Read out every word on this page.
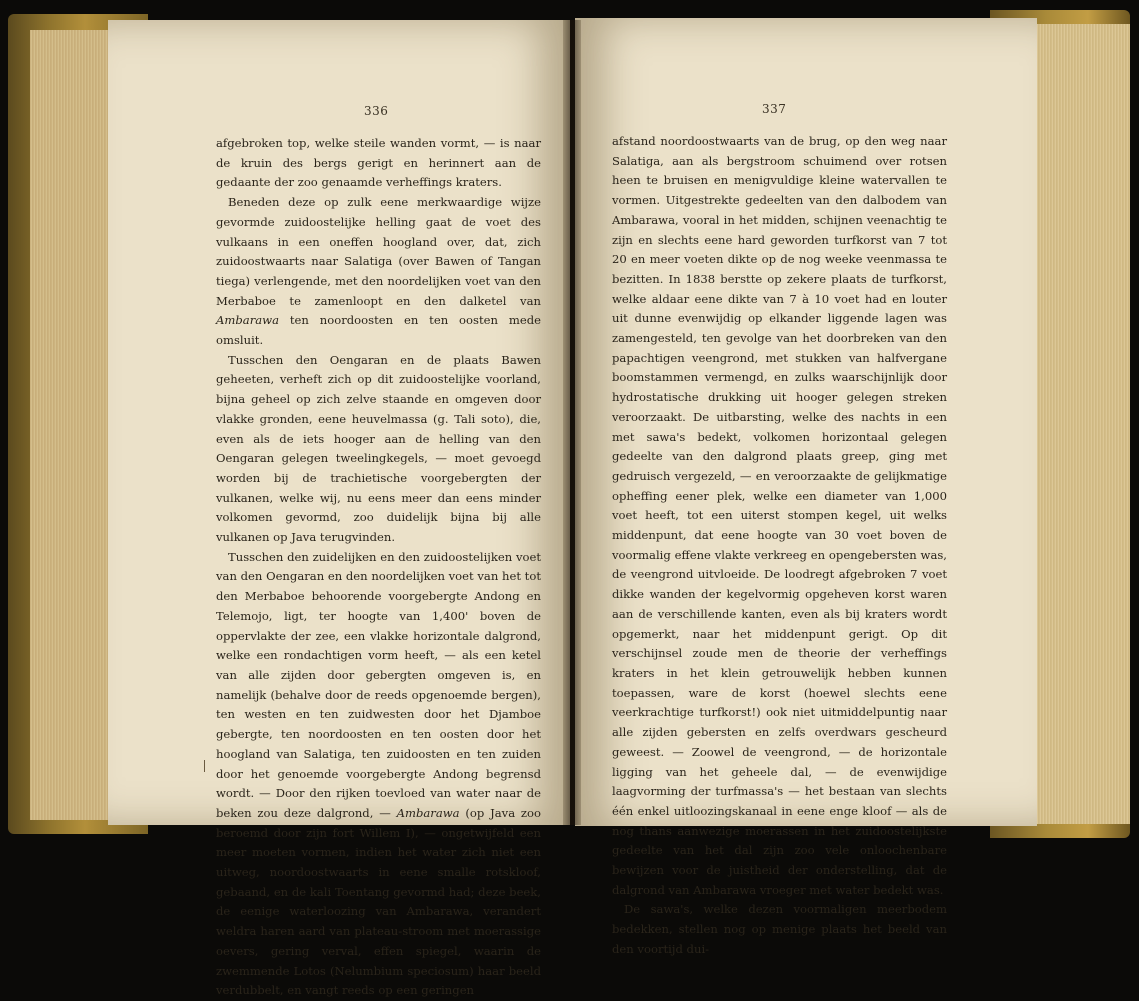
336

afgebroken top, welke steile wanden vormt, — is naar de kruin des bergs gerigt en herinnert aan de gedaante der zoo genaamde verheffings kraters.

Beneden deze op zulk eene merkwaardige wijze gevormde zuidoostelijke helling gaat de voet des vulkaans in een oneffen hoogland over, dat, zich zuidoostwaarts naar Salatiga (over Bawen of Tangan tiega) verlengende, met den noordelijken voet van den Merbaboe te zamenloopt en den dalketel van Ambarawa ten noordoosten en ten oosten mede omsluit.

Tusschen den Oengaran en de plaats Bawen geheeten, verheft zich op dit zuidoostelijke voorland, bijna geheel op zich zelve staande en omgeven door vlakke gronden, eene heuvelmassa (g. Tali soto), die, even als de iets hooger aan de helling van den Oengaran gelegen tweelingkegels, — moet gevoegd worden bij de trachietische voorgebergten der vulkanen, welke wij, nu eens meer dan eens minder volkomen gevormd, zoo duidelijk bijna bij alle vulkanen op Java terugvinden.

Tusschen den zuidelijken en den zuidoostelijken voet van den Oengaran en den noordelijken voet van het tot den Merbaboe behoorende voorgebergte Andong en Telemojo, ligt, ter hoogte van 1,400' boven de oppervlakte der zee, een vlakke horizontale dalgrond, welke een rondachtigen vorm heeft, — als een ketel van alle zijden door gebergten omgeven is, en namelijk (behalve door de reeds opgenoemde bergen), ten westen en ten zuidwesten door het Djamboe gebergte, ten noordoosten en ten oosten door het hoogland van Salatiga, ten zuidoosten en ten zuiden door het genoemde voorgebergte Andong begrensd wordt. — Door den rijken toevloed van water naar de beken zou deze dalgrond, — Ambarawa (op Java zoo beroemd door zijn fort Willem I), — ongetwijfeld een meer moeten vormen, indien het water zich niet een uitweg, noordoostwaarts in eene smalle rotskloof, gebaand, en de kali Toentang gevormd had; deze beek, de eenige waterloozing van Ambarawa, verandert weldra haren aard van plateau-stroom met moerassige oevers, gering verval, effen spiegel, waarin de zwemmende Lotos (Nelumbium speciosum) haar beeld verdubbelt, en vangt reeds op een geringen

337

afstand noordoostwaarts van de brug, op den weg naar Salatiga, aan als bergstroom schuimend over rotsen heen te bruisen en menigvuldige kleine watervallen te vormen. Uitgestrekte gedeelten van den dalbodem van Ambarawa, vooral in het midden, schijnen veenachtig te zijn en slechts eene hard geworden turfkorst van 7 tot 20 en meer voeten dikte op de nog weeke veenmassa te bezitten. In 1838 berstte op zekere plaats de turfkorst, welke aldaar eene dikte van 7 à 10 voet had en louter uit dunne evenwijdig op elkander liggende lagen was zamengesteld, ten gevolge van het doorbreken van den papachtigen veengrond, met stukken van halfvergane boomstammen vermengd, en zulks waarschijnlijk door hydrostatische drukking uit hooger gelegen streken veroorzaakt. De uitbarsting, welke des nachts in een met sawa's bedekt, volkomen horizontaal gelegen gedeelte van den dalgrond plaats greep, ging met gedruisch vergezeld, — en veroorzaakte de gelijkmatige opheffing eener plek, welke een diameter van 1,000 voet heeft, tot een uiterst stompen kegel, uit welks middenpunt, dat eene hoogte van 30 voet boven de voormalig effene vlakte verkreeg en opengebersten was, de veengrond uitvloeide. De loodregt afgebroken 7 voet dikke wanden der kegelvormig opgeheven korst waren aan de verschillende kanten, even als bij kraters wordt opgemerkt, naar het middenpunt gerigt. Op dit verschijnsel zoude men de theorie der verheffings kraters in het klein getrouwelijk hebben kunnen toepassen, ware de korst (hoewel slechts eene veerkrachtige turfkorst!) ook niet uitmiddelpuntig naar alle zijden gebersten en zelfs overdwars gescheurd geweest. — Zoowel de veengrond, — de horizontale ligging van het geheele dal, — de evenwijdige laagvorming der turfmassa's — het bestaan van slechts één enkel uitloozingskanaal in eene enge kloof — als de nog thans aanwezige moerassen in het zuidoostelijkste gedeelte van het dal zijn zoo vele onloochenbare bewijzen voor de juistheid der onderstelling, dat de dalgrond van Ambarawa vroeger met water bedekt was.

De sawa's, welke dezen voormaligen meerbodem bedekken, stellen nog op menige plaats het beeld van den voortijd dui-
